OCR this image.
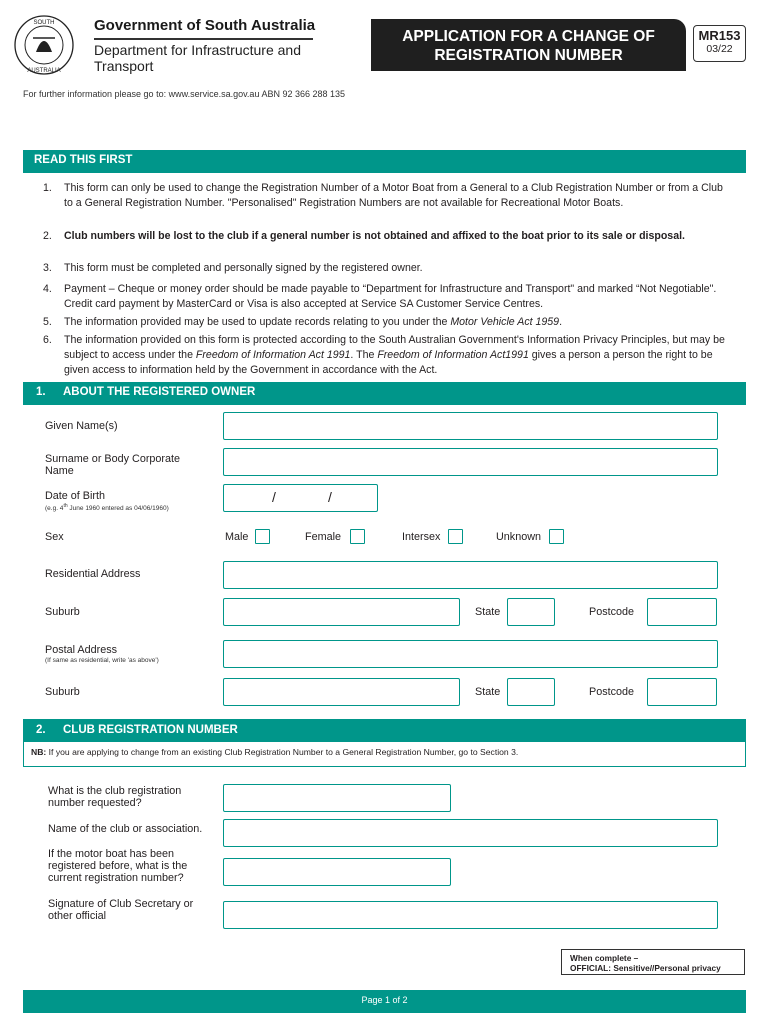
SOUTH
AUSTRALIA
Government of South Australia
Department for Infrastructure and Transport
APPLICATION FOR A CHANGE OF
REGISTRATION NUMBER
MR153
03/22
For further information please go to: www.service.sa.gov.au ABN 92 366 288 135
READ THIS FIRST
1.	This form can only be used to change the Registration Number of a Motor Boat from a General to a Club Registration Number or from a Club to a General Registration Number. "Personalised" Registration Numbers are not available for Recreational Motor Boats.
2.	Club numbers will be lost to the club if a general number is not obtained and affixed to the boat prior to its sale or disposal.
3.	This form must be completed and personally signed by the registered owner.
4.	Payment – Cheque or money order should be made payable to “Department for Infrastructure and Transport" and marked “Not Negotiable". Credit card payment by MasterCard or Visa is also accepted at Service SA Customer Service Centres.
5.	The information provided may be used to update records relating to you under the Motor Vehicle Act 1959.
6.	The information provided on this form is protected according to the South Australian Government's Information Privacy Principles, but may be subject to access under the Freedom of Information Act 1991. The Freedom of Information Act1991 gives a person a person the right to be given access to information held by the Government in accordance with the Act.
1. ABOUT THE REGISTERED OWNER
Given Name(s)
Surname or Body Corporate
Name
Date of Birth
(e.g. 4th June 1960 entered as 04/06/1960)
/	/
Sex	Male	Female	Intersex	Unknown
Residential Address
Suburb	State	Postcode
Postal Address
(If same as residential, write 'as above')
Suburb	State	Postcode
2. CLUB REGISTRATION NUMBER
NB: If you are applying to change from an existing Club Registration Number to a General Registration Number, go to Section 3.
What is the club registration
number requested?
Name of the club or association.
If the motor boat has been
registered before, what is the
current registration number?
Signature of Club Secretary or
other official
When complete –
OFFICIAL: Sensitive//Personal privacy
Page 1 of 2
